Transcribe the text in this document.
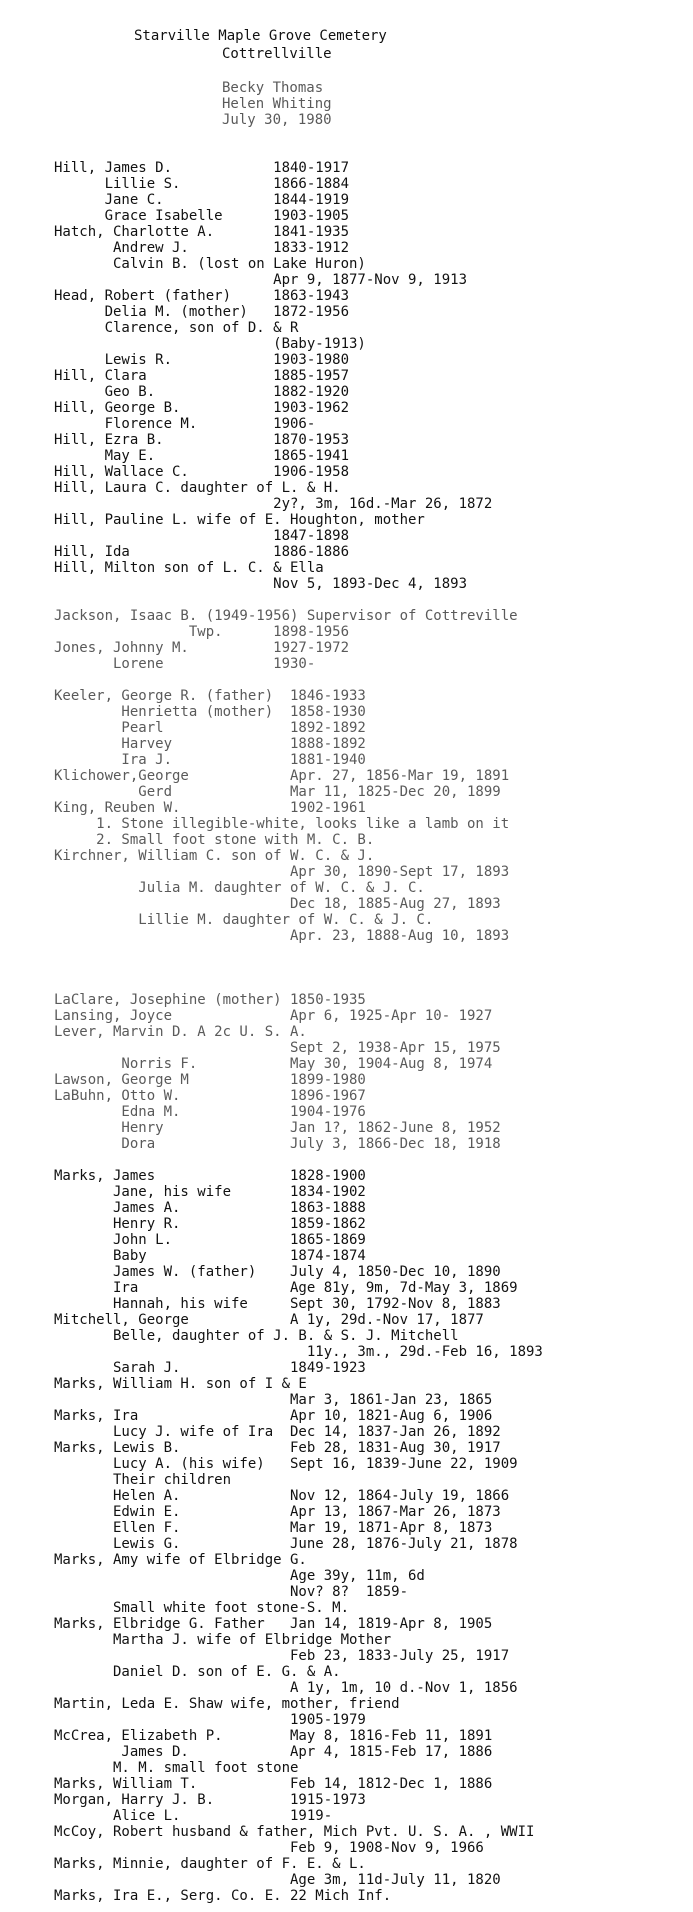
Starville Maple Grove Cemetery
Cottrellville
Becky Thomas
Helen Whiting
July 30, 1980
Hill, James D.            1840-1917
Lillie S.           1866-1884
Jane C.             1844-1919
Grace Isabelle      1903-1905
Hatch, Charlotte A.       1841-1935
Andrew J.          1833-1912
Calvin B. (lost on Lake Huron)
Apr 9, 1877-Nov 9, 1913
Head, Robert (father)     1863-1943
Delia M. (mother)   1872-1956
Clarence, son of D. & R
(Baby-1913)
Lewis R.            1903-1980
Hill, Clara               1885-1957
Geo B.              1882-1920
Hill, George B.           1903-1962
Florence M.         1906-
Hill, Ezra B.             1870-1953
May E.              1865-1941
Hill, Wallace C.          1906-1958
Hill, Laura C. daughter of L. & H.
2y?, 3m, 16d.-Mar 26, 1872
Hill, Pauline L. wife of E. Houghton, mother
1847-1898
Hill, Ida                 1886-1886
Hill, Milton son of L. C. & Ella
Nov 5, 1893-Dec 4, 1893
Jackson, Isaac B. (1949-1956) Supervisor of Cottreville
Twp.      1898-1956
Jones, Johnny M.          1927-1972
Lorene             1930-
Keeler, George R. (father)  1846-1933
Henrietta (mother)  1858-1930
Pearl               1892-1892
Harvey              1888-1892
Ira J.              1881-1940
Klichower,George            Apr. 27, 1856-Mar 19, 1891
Gerd              Mar 11, 1825-Dec 20, 1899
King, Reuben W.             1902-1961
1. Stone illegible-white, looks like a lamb on it
2. Small foot stone with M. C. B.
Kirchner, William C. son of W. C. & J.
Apr 30, 1890-Sept 17, 1893
Julia M. daughter of W. C. & J. C.
Dec 18, 1885-Aug 27, 1893
Lillie M. daughter of W. C. & J. C.
Apr. 23, 1888-Aug 10, 1893
LaClare, Josephine (mother) 1850-1935
Lansing, Joyce              Apr 6, 1925-Apr 10- 1927
Lever, Marvin D. A 2c U. S. A.
Sept 2, 1938-Apr 15, 1975
Norris F.           May 30, 1904-Aug 8, 1974
Lawson, George M            1899-1980
LaBuhn, Otto W.             1896-1967
Edna M.             1904-1976
Henry               Jan 1?, 1862-June 8, 1952
Dora                July 3, 1866-Dec 18, 1918
Marks, James                1828-1900
Jane, his wife       1834-1902
James A.             1863-1888
Henry R.             1859-1862
John L.              1865-1869
Baby                 1874-1874
James W. (father)    July 4, 1850-Dec 10, 1890
Ira                  Age 81y, 9m, 7d-May 3, 1869
Hannah, his wife     Sept 30, 1792-Nov 8, 1883
Mitchell, George            A 1y, 29d.-Nov 17, 1877
Belle, daughter of J. B. & S. J. Mitchell
11y., 3m., 29d.-Feb 16, 1893
Sarah J.             1849-1923
Marks, William H. son of I & E
Mar 3, 1861-Jan 23, 1865
Marks, Ira                  Apr 10, 1821-Aug 6, 1906
Lucy J. wife of Ira  Dec 14, 1837-Jan 26, 1892
Marks, Lewis B.             Feb 28, 1831-Aug 30, 1917
Lucy A. (his wife)   Sept 16, 1839-June 22, 1909
Their children
Helen A.             Nov 12, 1864-July 19, 1866
Edwin E.             Apr 13, 1867-Mar 26, 1873
Ellen F.             Mar 19, 1871-Apr 8, 1873
Lewis G.             June 28, 1876-July 21, 1878
Marks, Amy wife of Elbridge G.
Age 39y, 11m, 6d
Nov? 8?  1859-
Small white foot stone-S. M.
Marks, Elbridge G. Father   Jan 14, 1819-Apr 8, 1905
Martha J. wife of Elbridge Mother
Feb 23, 1833-July 25, 1917
Daniel D. son of E. G. & A.
A 1y, 1m, 10 d.-Nov 1, 1856
Martin, Leda E. Shaw wife, mother, friend
1905-1979
McCrea, Elizabeth P.        May 8, 1816-Feb 11, 1891
James D.            Apr 4, 1815-Feb 17, 1886
M. M. small foot stone
Marks, William T.           Feb 14, 1812-Dec 1, 1886
Morgan, Harry J. B.         1915-1973
Alice L.             1919-
McCoy, Robert husband & father, Mich Pvt. U. S. A. , WWII
Feb 9, 1908-Nov 9, 1966
Marks, Minnie, daughter of F. E. & L.
Age 3m, 11d-July 11, 1820
Marks, Ira E., Serg. Co. E. 22 Mich Inf.
